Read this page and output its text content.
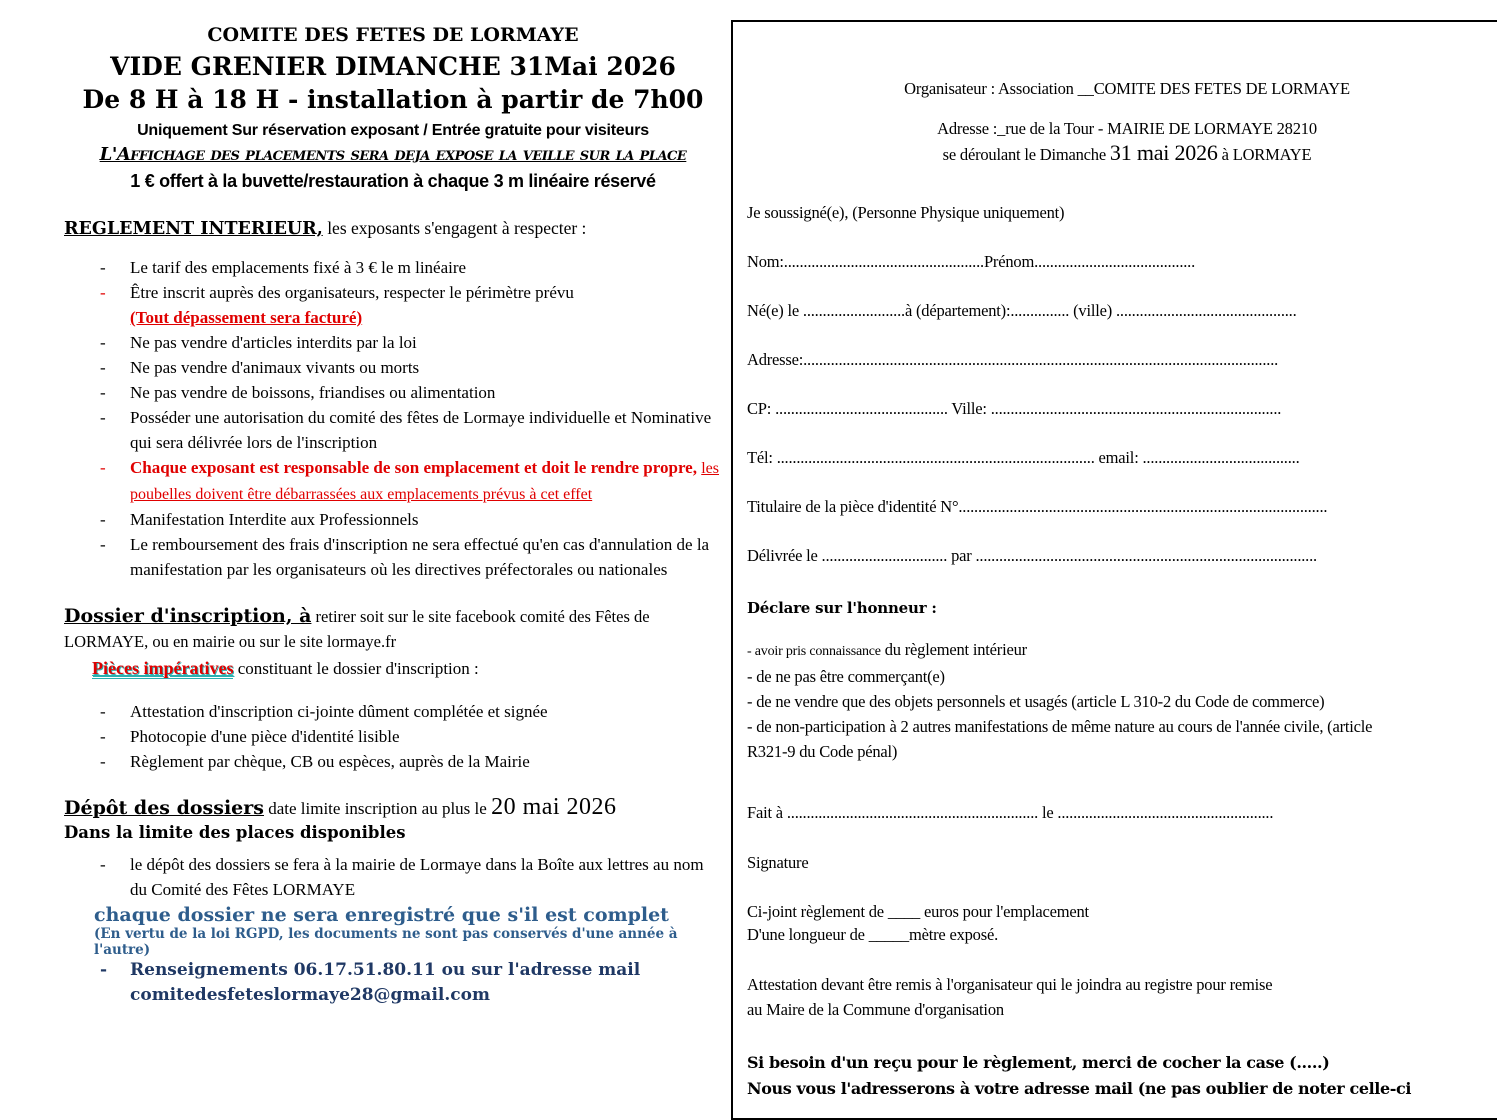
COMITE DES FETES DE LORMAYE

VIDE GRENIER DIMANCHE 31Mai 2026

De 8 H à 18 H - installation à partir de 7h00

Uniquement Sur réservation exposant / Entrée gratuite pour visiteurs

L'Affichage des placements sera deja expose la veille sur la place

1 € offert à la buvette/restauration à chaque 3 m linéaire réservé

REGLEMENT INTERIEUR, les exposants s'engagent à respecter :

- Le tarif des emplacements fixé à 3 € le m linéaire
- Être inscrit auprès des organisateurs, respecter le périmètre prévu
(Tout dépassement sera facturé)
- Ne pas vendre d'articles interdits par la loi
- Ne pas vendre d'animaux vivants ou morts
- Ne pas vendre de boissons, friandises ou alimentation
- Posséder une autorisation du comité des fêtes de Lormaye individuelle et Nominative qui sera délivrée lors de l'inscription
- Chaque exposant est responsable de son emplacement et doit le rendre propre, les poubelles doivent être débarrassées aux emplacements prévus à cet effet
- Manifestation Interdite aux Professionnels
- Le remboursement des frais d'inscription ne sera effectué qu'en cas d'annulation de la manifestation par les organisateurs où les directives préfectorales ou nationales

Dossier d'inscription, à retirer soit sur le site facebook comité des Fêtes de LORMAYE, ou en mairie ou sur le site lormaye.fr

Pièces impératives constituant le dossier d'inscription :

- Attestation d'inscription ci-jointe dûment complétée et signée
- Photocopie d'une pièce d'identité lisible
- Règlement par chèque, CB ou espèces, auprès de la Mairie

Dépôt des dossiers date limite inscription au plus le 20 mai 2026

Dans la limite des places disponibles

- le dépôt des dossiers se fera à la mairie de Lormaye dans la Boîte aux lettres au nom du Comité des Fêtes LORMAYE

chaque dossier ne sera enregistré que s'il est complet

(En vertu de la loi RGPD, les documents ne sont pas conservés d'une année à l'autre)

- Renseignements 06.17.51.80.11 ou sur l'adresse mail
comitedesfeteslormaye28@gmail.com

Organisateur : Association __COMITE DES FETES DE LORMAYE

Adresse :_rue de la Tour - MAIRIE DE LORMAYE 28210

se déroulant le Dimanche 31 mai 2026 à LORMAYE

Je soussigné(e), (Personne Physique uniquement)

Nom:...................................................Prénom.........................................

Né(e) le ..........................à (département):............... (ville) ..............................................

Adresse:.........................................................................................................................

CP: ............................................ Ville: ..........................................................................

Tél: ................................................................................. email: ........................................

Titulaire de la pièce d'identité N°..............................................................................................

Délivrée le ................................ par .......................................................................................

Déclare sur l'honneur :

- avoir pris connaissance du règlement intérieur

- de ne pas être commerçant(e)

- de ne vendre que des objets personnels et usagés (article L 310-2 du Code de commerce)

- de non-participation à 2 autres manifestations de même nature au cours de l'année civile, (article

R321-9 du Code pénal)

Fait à ................................................................ le .......................................................

Signature

Ci-joint règlement de ____ euros pour l'emplacement

D'une longueur de _____mètre exposé.

Attestation devant être remis à l'organisateur qui le joindra au registre pour remise

au Maire de la Commune d'organisation

Si besoin d'un reçu pour le règlement, merci de cocher la case (.....)

Nous vous l'adresserons à votre adresse mail (ne pas oublier de noter celle-ci
